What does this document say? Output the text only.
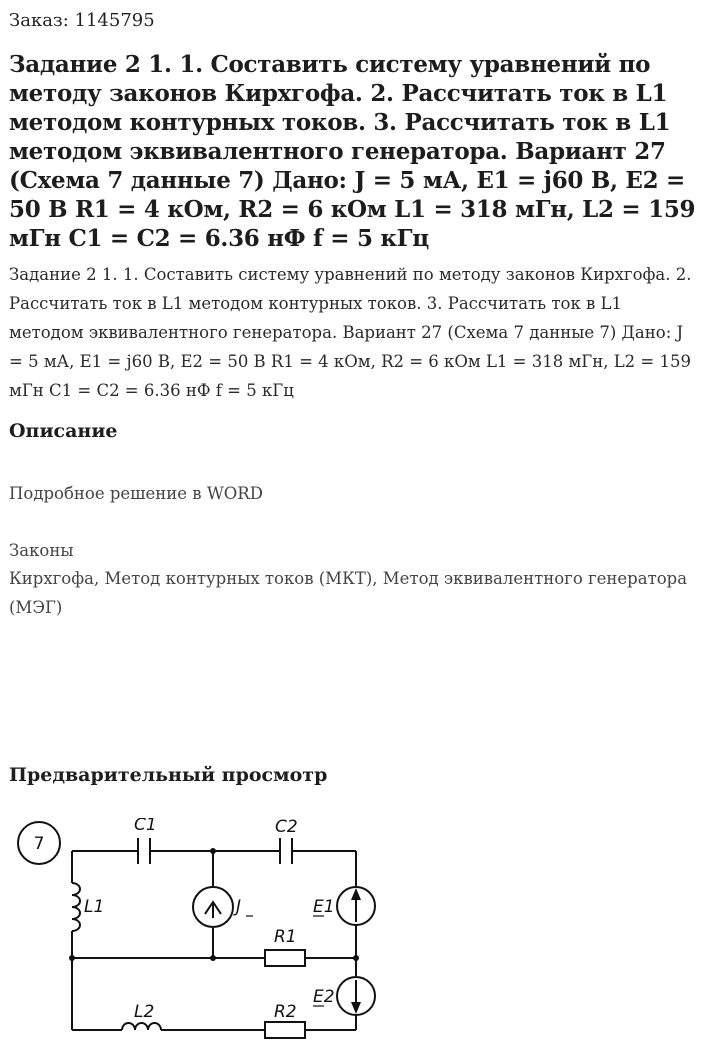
Заказ: 1145795
Задание 2 1. 1. Составить систему уравнений по методу законов Кирхгофа. 2. Рассчитать ток в L1 методом контурных токов. 3. Рассчитать ток в L1 методом эквивалентного генератора. Вариант 27 (Схема 7 данные 7) Дано: J = 5 мА, E1 = j60 В, E2 = 50 В R1 = 4 кОм, R2 = 6 кОм L1 = 318 мГн, L2 = 159 мГн C1 = C2 = 6.36 нФ f = 5 кГц

Задание 2 1. 1. Составить систему уравнений по методу законов Кирхгофа. 2. Рассчитать ток в L1 методом контурных токов. 3. Рассчитать ток в L1 методом эквивалентного генератора. Вариант 27 (Схема 7 данные 7) Дано: J = 5 мА, E1 = j60 В, E2 = 50 В R1 = 4 кОм, R2 = 6 кОм L1 = 318 мГн, L2 = 159 мГн C1 = C2 = 6.36 нФ f = 5 кГц

Описание

Подробное решение в WORD

Законы

Кирхгофа, Метод контурных токов (МКТ), Метод эквивалентного генератора (МЭГ)

Предварительный просмотр
7
C1	C2
L1	J	E1
R1
E2
L2	R2
